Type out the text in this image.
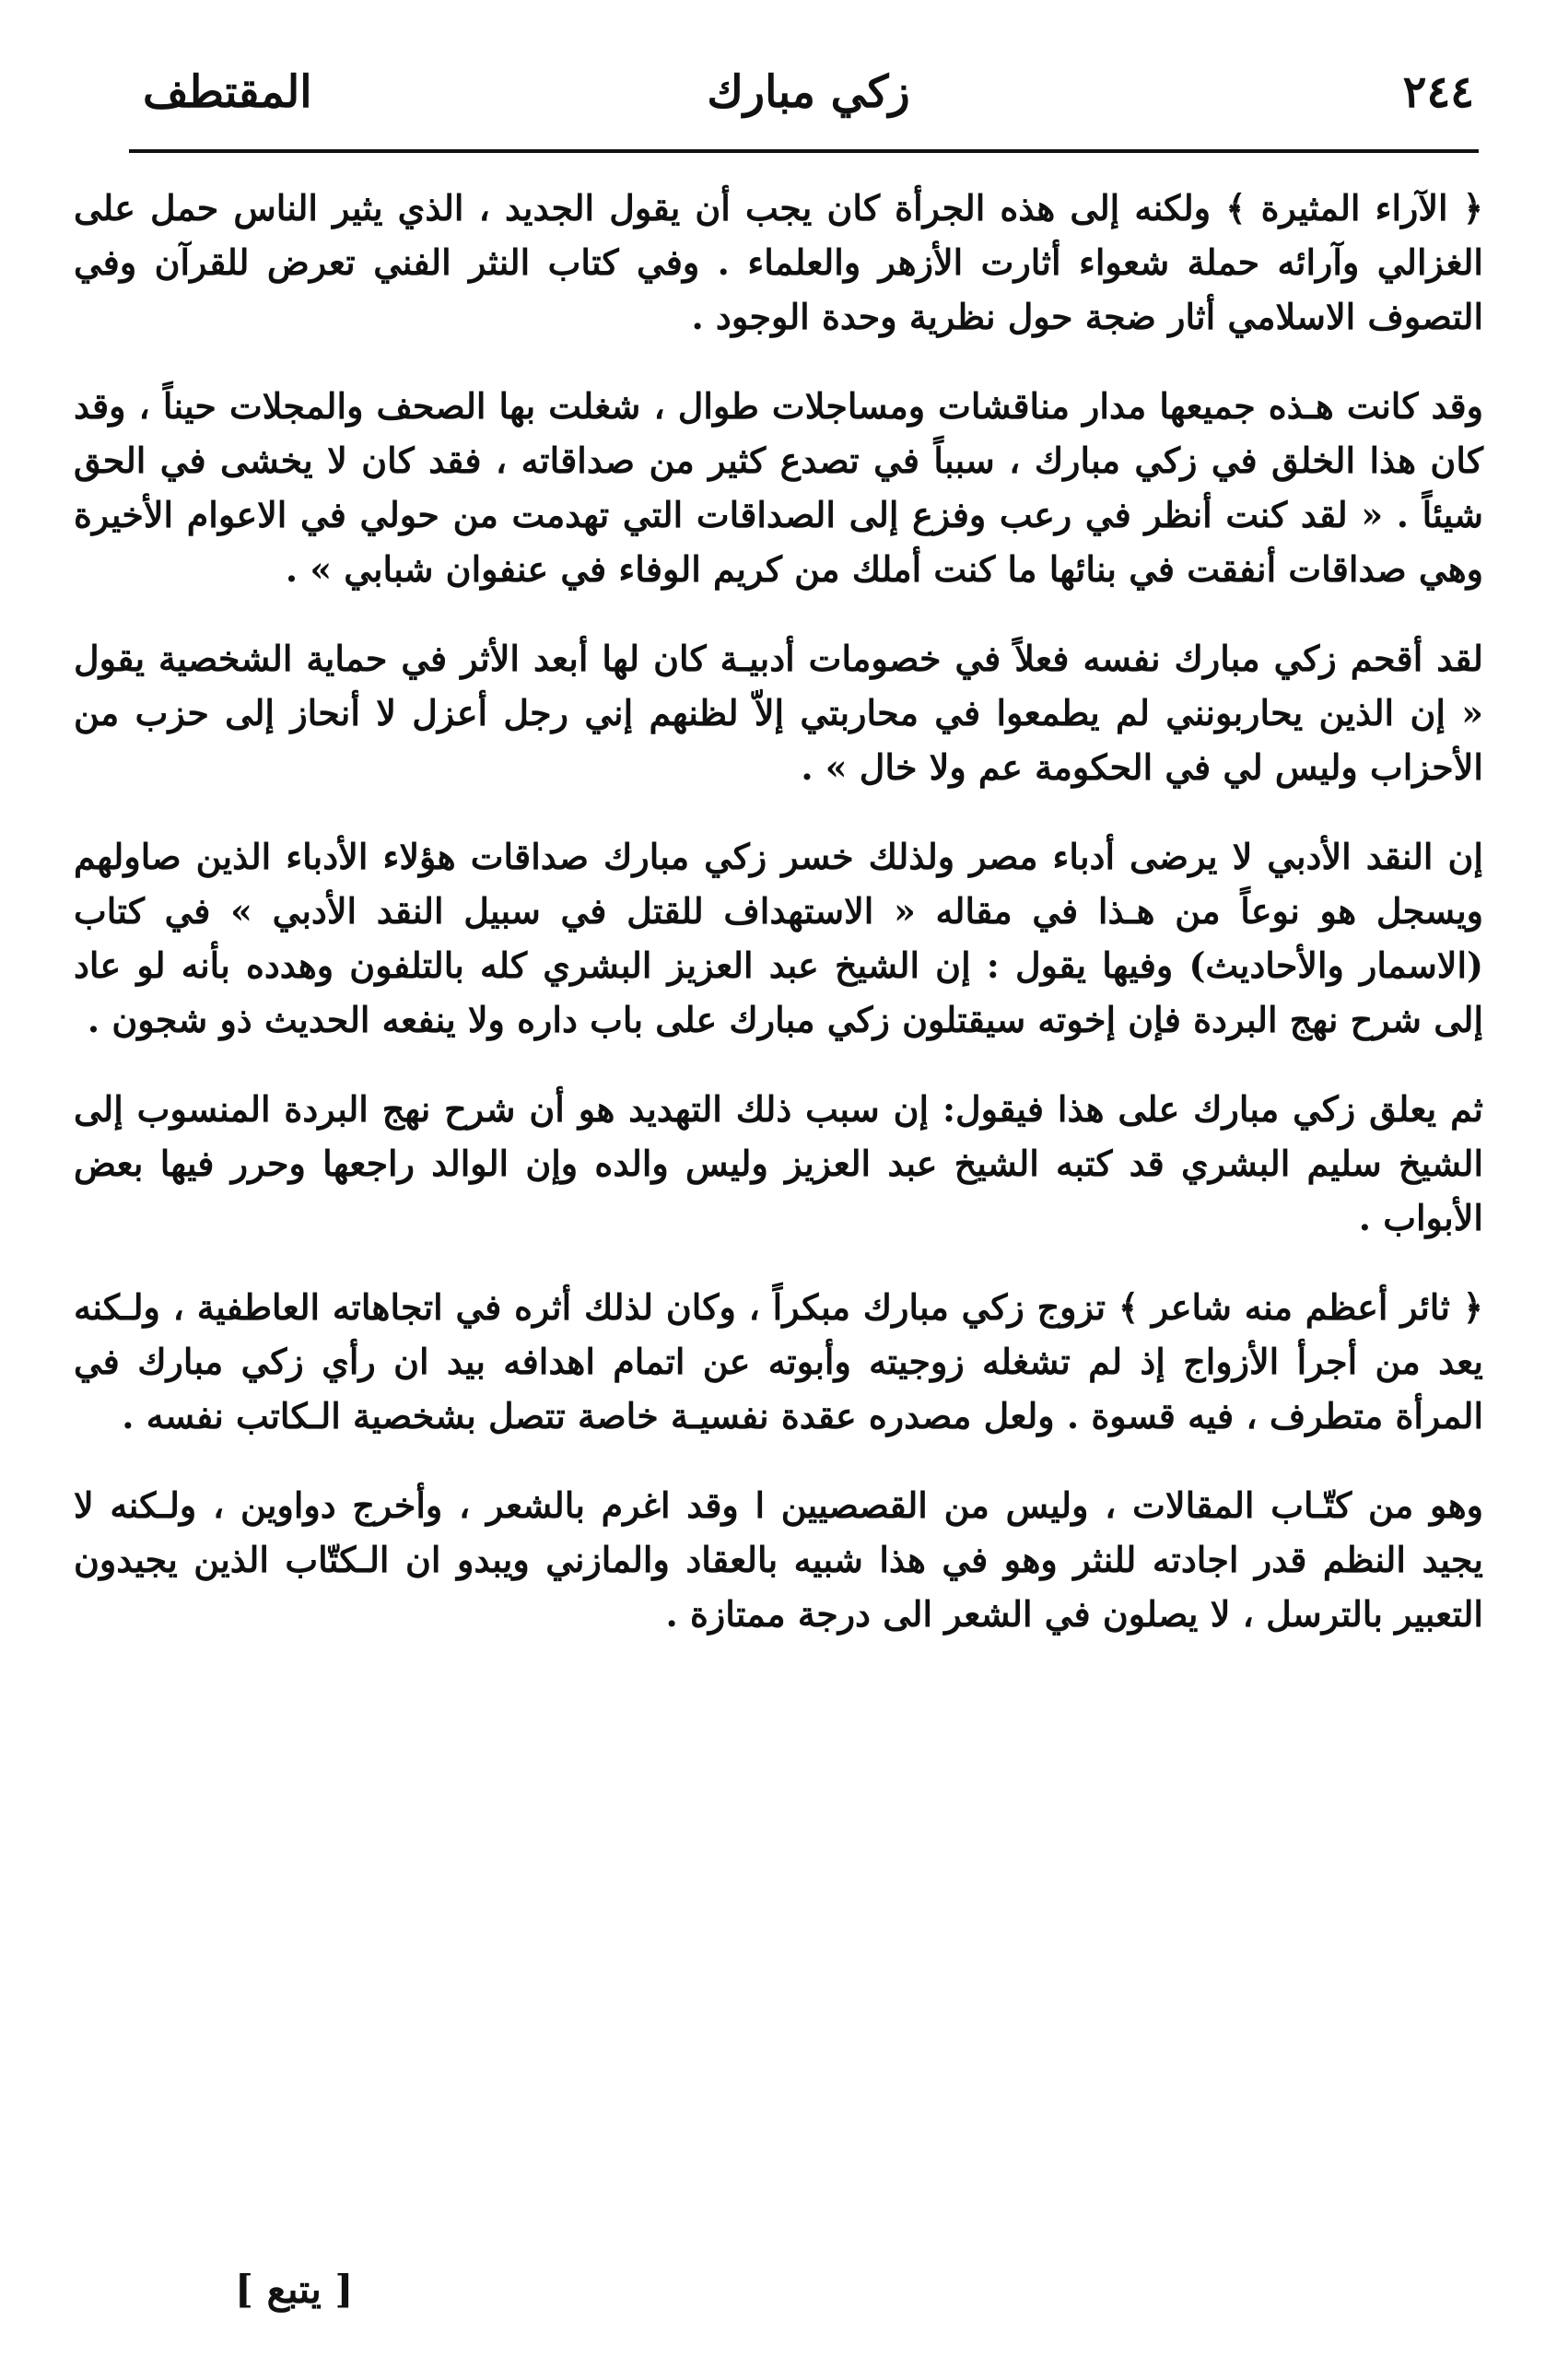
٢٤٤
زكي مبارك
المقتطف

﴿ الآراء المثيرة ﴾ ولكنه إلى هذه الجرأة كان يجب أن يقول الجديد ، الذي يثير الناس حمل على الغزالي وآرائه حملة شعواء أثارت الأزهر والعلماء . وفي كتاب النثر الفني تعرض للقرآن وفي التصوف الاسلامي أثار ضجة حول نظرية وحدة الوجود .

وقد كانت هـذه جميعها مدار مناقشات ومساجلات طوال ، شغلت بها الصحف والمجلات حيناً ، وقد كان هذا الخلق في زكي مبارك ، سبباً في تصدع كثير من صداقاته ، فقد كان لا يخشى في الحق شيئاً . « لقد كنت أنظر في رعب وفزع إلى الصداقات التي تهدمت من حولي في الاعوام الأخيرة وهي صداقات أنفقت في بنائها ما كنت أملك من كريم الوفاء في عنفوان شبابي » .

لقد أقحم زكي مبارك نفسه فعلاً في خصومات أدبيـة كان لها أبعد الأثر في حماية الشخصية يقول « إن الذين يحاربونني لم يطمعوا في محاربتي إلاّ لظنهم إني رجل أعزل لا أنحاز إلى حزب من الأحزاب وليس لي في الحكومة عم ولا خال » .

إن النقد الأدبي لا يرضى أدباء مصر ولذلك خسر زكي مبارك صداقات هؤلاء الأدباء الذين صاولهم ويسجل هو نوعاً من هـذا في مقاله « الاستهداف للقتل في سبيل النقد الأدبي » في كتاب (الاسمار والأحاديث) وفيها يقول : إن الشيخ عبد العزيز البشري كله بالتلفون وهدده بأنه لو عاد إلى شرح نهج البردة فإن إخوته سيقتلون زكي مبارك على باب داره ولا ينفعه الحديث ذو شجون .

ثم يعلق زكي مبارك على هذا فيقول: إن سبب ذلك التهديد هو أن شرح نهج البردة المنسوب إلى الشيخ سليم البشري قد كتبه الشيخ عبد العزيز وليس والده وإن الوالد راجعها وحرر فيها بعض الأبواب .

﴿ ثائر أعظم منه شاعر ﴾ تزوج زكي مبارك مبكراً ، وكان لذلك أثره في اتجاهاته العاطفية ، ولـكنه يعد من أجرأ الأزواج إذ لم تشغله زوجيته وأبوته عن اتمام اهدافه بيد ان رأي زكي مبارك في المرأة متطرف ، فيه قسوة . ولعل مصدره عقدة نفسيـة خاصة تتصل بشخصية الـكاتب نفسه .

وهو من كتّـاب المقالات ، وليس من القصصيين ا وقد اغرم بالشعر ، وأخرج دواوين ، ولـكنه لا يجيد النظم قدر اجادته للنثر وهو في هذا شبيه بالعقاد والمازني ويبدو ان الـكتّاب الذين يجيدون التعبير بالترسل ، لا يصلون في الشعر الى درجة ممتازة .

[ يتبع ]
